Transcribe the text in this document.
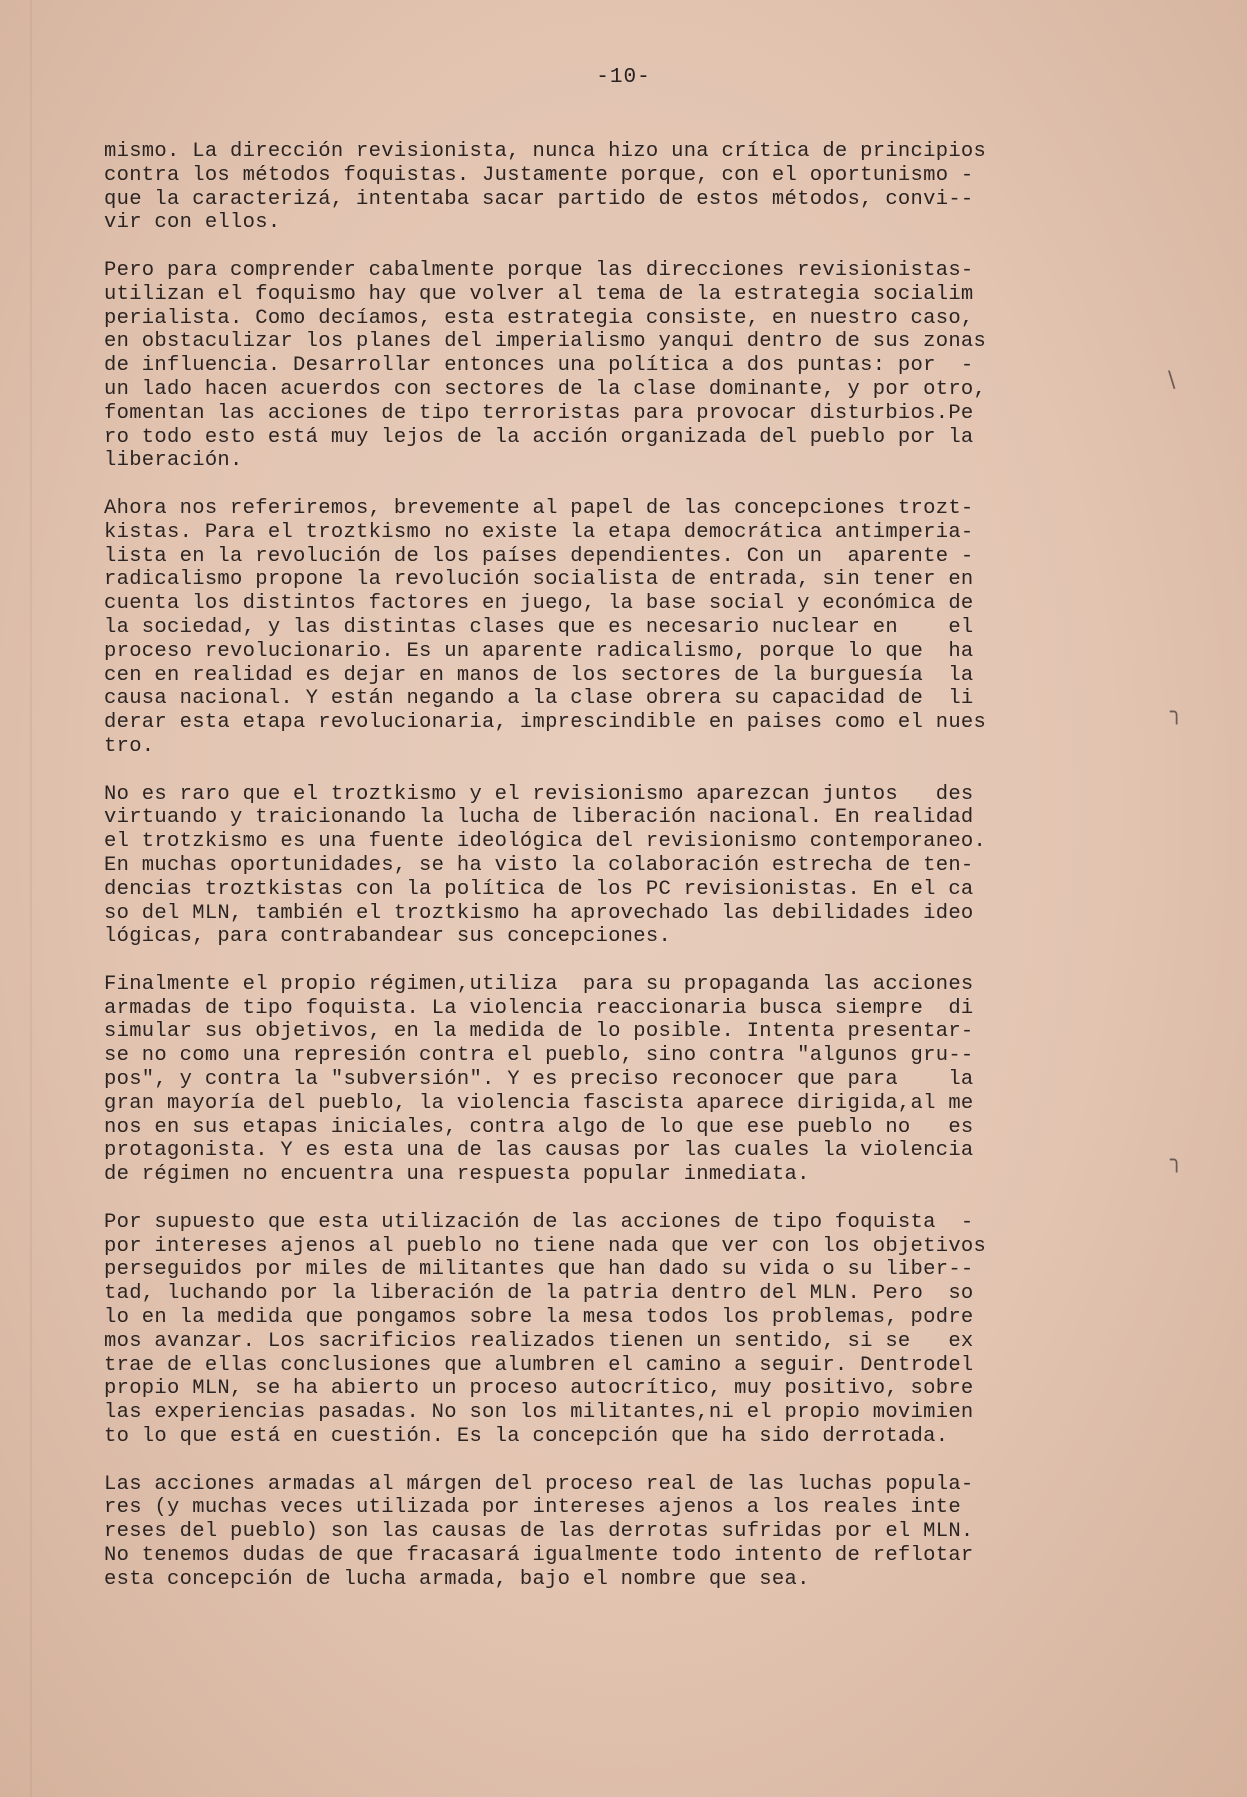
-10-
mismo. La dirección revisionista, nunca hizo una crítica de principios
contra los métodos foquistas. Justamente porque, con el oportunismo -
que la caracterizá, intentaba sacar partido de estos métodos, convi--
vir con ellos.
Pero para comprender cabalmente porque las direcciones revisionistas-
utilizan el foquismo hay que volver al tema de la estrategia socialim
perialista. Como decíamos, esta estrategia consiste, en nuestro caso,
en obstaculizar los planes del imperialismo yanqui dentro de sus zonas
de influencia. Desarrollar entonces una política a dos puntas: por  -
un lado hacen acuerdos con sectores de la clase dominante, y por otro,
fomentan las acciones de tipo terroristas para provocar disturbios.Pe
ro todo esto está muy lejos de la acción organizada del pueblo por la
liberación.
Ahora nos referiremos, brevemente al papel de las concepciones trozt-
kistas. Para el troztkismo no existe la etapa democrática antimperia-
lista en la revolución de los países dependientes. Con un  aparente -
radicalismo propone la revolución socialista de entrada, sin tener en
cuenta los distintos factores en juego, la base social y económica de
la sociedad, y las distintas clases que es necesario nuclear en    el
proceso revolucionario. Es un aparente radicalismo, porque lo que  ha
cen en realidad es dejar en manos de los sectores de la burguesía  la
causa nacional. Y están negando a la clase obrera su capacidad de  li
derar esta etapa revolucionaria, imprescindible en paises como el nues
tro.
No es raro que el troztkismo y el revisionismo aparezcan juntos   des
virtuando y traicionando la lucha de liberación nacional. En realidad
el trotzkismo es una fuente ideológica del revisionismo contemporaneo.
En muchas oportunidades, se ha visto la colaboración estrecha de ten-
dencias troztkistas con la política de los PC revisionistas. En el ca
so del MLN, también el troztkismo ha aprovechado las debilidades ideo
lógicas, para contrabandear sus concepciones.
Finalmente el propio régimen,utiliza  para su propaganda las acciones
armadas de tipo foquista. La violencia reaccionaria busca siempre  di
simular sus objetivos, en la medida de lo posible. Intenta presentar-
se no como una represión contra el pueblo, sino contra "algunos gru--
pos", y contra la "subversión". Y es preciso reconocer que para    la
gran mayoría del pueblo, la violencia fascista aparece dirigida,al me
nos en sus etapas iniciales, contra algo de lo que ese pueblo no   es
protagonista. Y es esta una de las causas por las cuales la violencia
de régimen no encuentra una respuesta popular inmediata.
Por supuesto que esta utilización de las acciones de tipo foquista  -
por intereses ajenos al pueblo no tiene nada que ver con los objetivos
perseguidos por miles de militantes que han dado su vida o su liber--
tad, luchando por la liberación de la patria dentro del MLN. Pero  so
lo en la medida que pongamos sobre la mesa todos los problemas, podre
mos avanzar. Los sacrificios realizados tienen un sentido, si se   ex
trae de ellas conclusiones que alumbren el camino a seguir. Dentrodel
propio MLN, se ha abierto un proceso autocrítico, muy positivo, sobre
las experiencias pasadas. No son los militantes,ni el propio movimien
to lo que está en cuestión. Es la concepción que ha sido derrotada.
Las acciones armadas al márgen del proceso real de las luchas popula-
res (y muchas veces utilizada por intereses ajenos a los reales inte
reses del pueblo) son las causas de las derrotas sufridas por el MLN.
No tenemos dudas de que fracasará igualmente todo intento de reflotar
esta concepción de lucha armada, bajo el nombre que sea.
\
╮
╮
